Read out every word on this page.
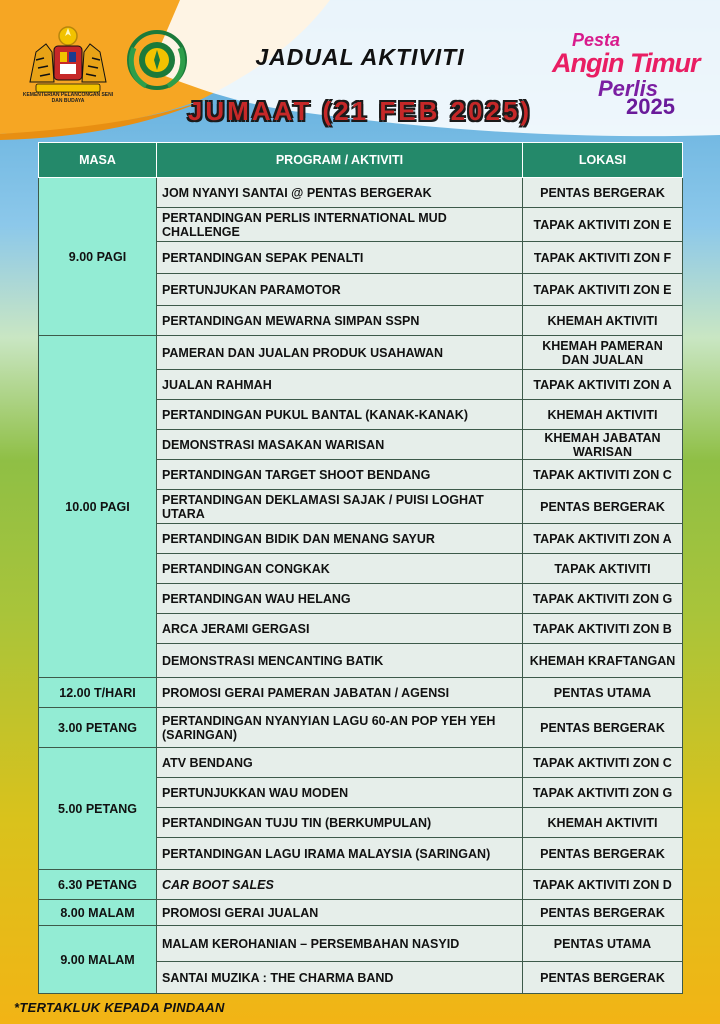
KEMENTERIAN PELANCONGAN SENI DAN BUDAYA
JADUAL AKTIVITI
JUMAAT (21 FEB 2025)
Pesta
Angin Timur
Perlis
2025
MASA	PROGRAM / AKTIVITI	LOKASI
9.00 PAGI	JOM NYANYI SANTAI @ PENTAS BERGERAK	PENTAS BERGERAK
	PERTANDINGAN PERLIS INTERNATIONAL MUD CHALLENGE	TAPAK AKTIVITI ZON E
	PERTANDINGAN SEPAK PENALTI	TAPAK AKTIVITI ZON F
	PERTUNJUKAN PARAMOTOR	TAPAK AKTIVITI ZON E
	PERTANDINGAN MEWARNA SIMPAN SSPN	KHEMAH AKTIVITI
10.00 PAGI	PAMERAN DAN JUALAN PRODUK USAHAWAN	KHEMAH PAMERAN DAN JUALAN
	JUALAN RAHMAH	TAPAK AKTIVITI ZON A
	PERTANDINGAN PUKUL BANTAL (KANAK-KANAK)	KHEMAH AKTIVITI
	DEMONSTRASI MASAKAN WARISAN	KHEMAH JABATAN WARISAN
	PERTANDINGAN TARGET SHOOT BENDANG	TAPAK AKTIVITI ZON C
	PERTANDINGAN DEKLAMASI SAJAK / PUISI LOGHAT UTARA	PENTAS BERGERAK
	PERTANDINGAN BIDIK DAN MENANG SAYUR	TAPAK AKTIVITI ZON A
	PERTANDINGAN CONGKAK	TAPAK AKTIVITI
	PERTANDINGAN WAU HELANG	TAPAK AKTIVITI ZON G
	ARCA JERAMI GERGASI	TAPAK AKTIVITI ZON B
	DEMONSTRASI MENCANTING BATIK	KHEMAH KRAFTANGAN
12.00 T/HARI	PROMOSI GERAI PAMERAN JABATAN / AGENSI	PENTAS UTAMA
3.00 PETANG	PERTANDINGAN NYANYIAN LAGU 60-AN POP YEH YEH (SARINGAN)	PENTAS BERGERAK
5.00 PETANG	ATV BENDANG	TAPAK AKTIVITI ZON C
	PERTUNJUKKAN WAU MODEN	TAPAK AKTIVITI ZON G
	PERTANDINGAN TUJU TIN (BERKUMPULAN)	KHEMAH AKTIVITI
	PERTANDINGAN LAGU IRAMA MALAYSIA (SARINGAN)	PENTAS BERGERAK
6.30 PETANG	CAR BOOT SALES	TAPAK AKTIVITI ZON D
8.00 MALAM	PROMOSI GERAI JUALAN	PENTAS BERGERAK
9.00 MALAM	MALAM KEROHANIAN – PERSEMBAHAN NASYID	PENTAS UTAMA
	SANTAI MUZIKA : THE CHARMA BAND	PENTAS BERGERAK
*TERTAKLUK KEPADA PINDAAN
